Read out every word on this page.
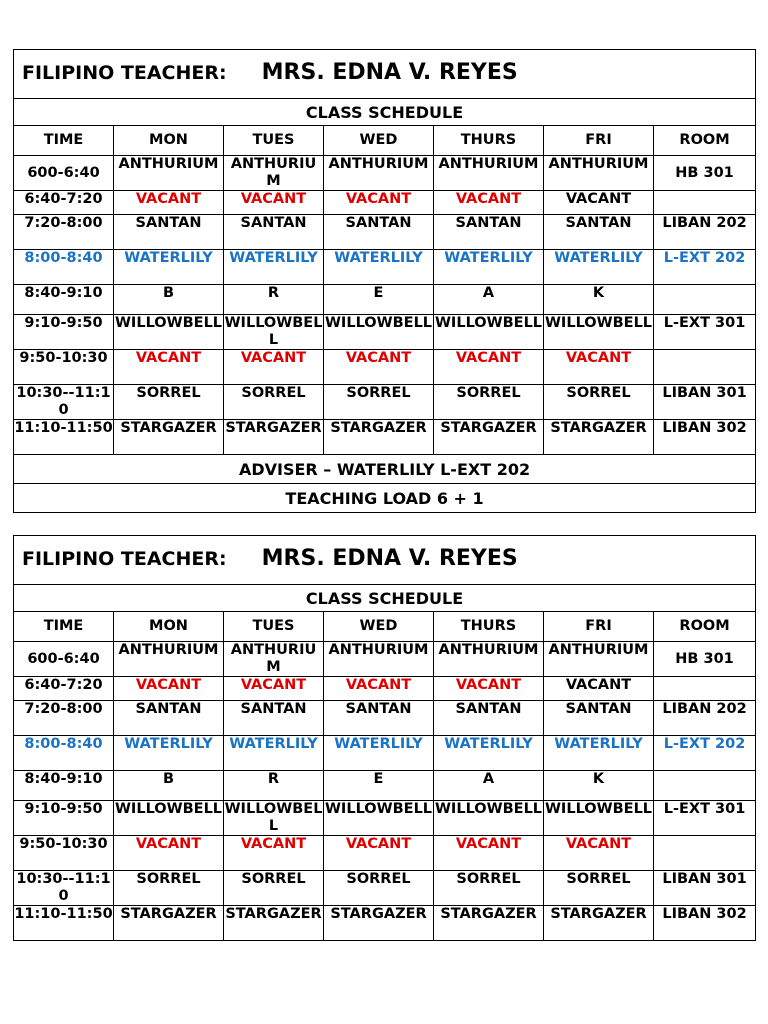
FILIPINO TEACHER: MRS. EDNA V. REYES						
CLASS SCHEDULE						
TIME	MON	TUES	WED	THURS	FRI	ROOM
600-6:40	ANTHURIUM	ANTHURIUM	ANTHURIUM	ANTHURIUM	ANTHURIUM	HB 301
6:40-7:20	VACANT	VACANT	VACANT	VACANT	VACANT	
7:20-8:00	SANTAN	SANTAN	SANTAN	SANTAN	SANTAN	LIBAN 202
8:00-8:40	WATERLILY	WATERLILY	WATERLILY	WATERLILY	WATERLILY	L-EXT 202
8:40-9:10	B	R	E	A	K	
9:10-9:50	WILLOWBELL	WILLOWBELL	WILLOWBELL	WILLOWBELL	WILLOWBELL	L-EXT 301
9:50-10:30	VACANT	VACANT	VACANT	VACANT	VACANT	
10:30--11:10	SORREL	SORREL	SORREL	SORREL	SORREL	LIBAN 301
11:10-11:50	STARGAZER	STARGAZER	STARGAZER	STARGAZER	STARGAZER	LIBAN 302
ADVISER – WATERLILY L-EXT 202						
TEACHING LOAD 6 + 1						
FILIPINO TEACHER: MRS. EDNA V. REYES						
CLASS SCHEDULE						
TIME	MON	TUES	WED	THURS	FRI	ROOM
600-6:40	ANTHURIUM	ANTHURIUM	ANTHURIUM	ANTHURIUM	ANTHURIUM	HB 301
6:40-7:20	VACANT	VACANT	VACANT	VACANT	VACANT	
7:20-8:00	SANTAN	SANTAN	SANTAN	SANTAN	SANTAN	LIBAN 202
8:00-8:40	WATERLILY	WATERLILY	WATERLILY	WATERLILY	WATERLILY	L-EXT 202
8:40-9:10	B	R	E	A	K	
9:10-9:50	WILLOWBELL	WILLOWBELL	WILLOWBELL	WILLOWBELL	WILLOWBELL	L-EXT 301
9:50-10:30	VACANT	VACANT	VACANT	VACANT	VACANT	
10:30--11:10	SORREL	SORREL	SORREL	SORREL	SORREL	LIBAN 301
11:10-11:50	STARGAZER	STARGAZER	STARGAZER	STARGAZER	STARGAZER	LIBAN 302
